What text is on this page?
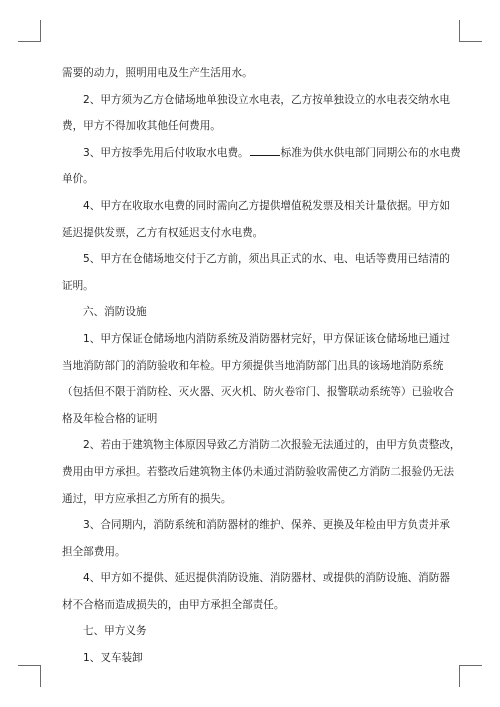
需要的动力，照明用电及生产生活用水。
2、甲方须为乙方仓储场地单独设立水电表，乙方按单独设立的水电表交纳水电
费，甲方不得加收其他任何费用。
3、甲方按季先用后付收取水电费。	标准为供水供电部门同期公布的水电费
单价。
4、甲方在收取水电费的同时需向乙方提供增值税发票及相关计量依据。甲方如
延迟提供发票，乙方有权延迟支付水电费。
5、甲方在仓储场地交付于乙方前，须出具正式的水、电、电话等费用已结清的
证明。
六、消防设施
1、甲方保证仓储场地内消防系统及消防器材完好，甲方保证该仓储场地已通过
当地消防部门的消防验收和年检。甲方须提供当地消防部门出具的该场地消防系统
（包括但不限于消防栓、灭火器、灭火机、防火卷帘门、报警联动系统等）已验收合
格及年检合格的证明
2、若由于建筑物主体原因导致乙方消防二次报验无法通过的，由甲方负责整改，
费用由甲方承担。若整改后建筑物主体仍未通过消防验收需使乙方消防二报验仍无法
通过，甲方应承担乙方所有的损失。
3、合同期内，消防系统和消防器材的维护、保养、更换及年检由甲方负责并承
担全部费用。
4、甲方如不提供、延迟提供消防设施、消防器材、或提供的消防设施、消防器
材不合格而造成损失的，由甲方承担全部责任。
七、甲方义务
1、叉车装卸
